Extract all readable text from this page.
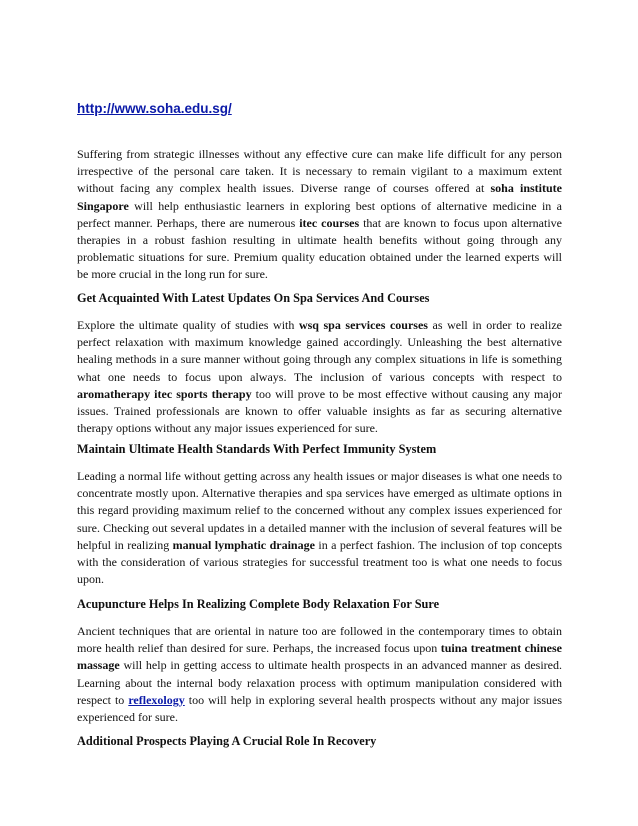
http://www.soha.edu.sg/

Suffering from strategic illnesses without any effective cure can make life difficult for any person irrespective of the personal care taken. It is necessary to remain vigilant to a maximum extent without facing any complex health issues. Diverse range of courses offered at soha institute Singapore will help enthusiastic learners in exploring best options of alternative medicine in a perfect manner. Perhaps, there are numerous itec courses that are known to focus upon alternative therapies in a robust fashion resulting in ultimate health benefits without going through any problematic situations for sure. Premium quality education obtained under the learned experts will be more crucial in the long run for sure.

Get Acquainted With Latest Updates On Spa Services And Courses

Explore the ultimate quality of studies with wsq spa services courses as well in order to realize perfect relaxation with maximum knowledge gained accordingly. Unleashing the best alternative healing methods in a sure manner without going through any complex situations in life is something what one needs to focus upon always. The inclusion of various concepts with respect to aromatherapy itec sports therapy too will prove to be most effective without causing any major issues. Trained professionals are known to offer valuable insights as far as securing alternative therapy options without any major issues experienced for sure.

Maintain Ultimate Health Standards With Perfect Immunity System

Leading a normal life without getting across any health issues or major diseases is what one needs to concentrate mostly upon. Alternative therapies and spa services have emerged as ultimate options in this regard providing maximum relief to the concerned without any complex issues experienced for sure. Checking out several updates in a detailed manner with the inclusion of several features will be helpful in realizing manual lymphatic drainage in a perfect fashion. The inclusion of top concepts with the consideration of various strategies for successful treatment too is what one needs to focus upon.

Acupuncture Helps In Realizing Complete Body Relaxation For Sure

Ancient techniques that are oriental in nature too are followed in the contemporary times to obtain more health relief than desired for sure. Perhaps, the increased focus upon tuina treatment chinese massage will help in getting access to ultimate health prospects in an advanced manner as desired. Learning about the internal body relaxation process with optimum manipulation considered with respect to reflexology too will help in exploring several health prospects without any major issues experienced for sure.

Additional Prospects Playing A Crucial Role In Recovery
